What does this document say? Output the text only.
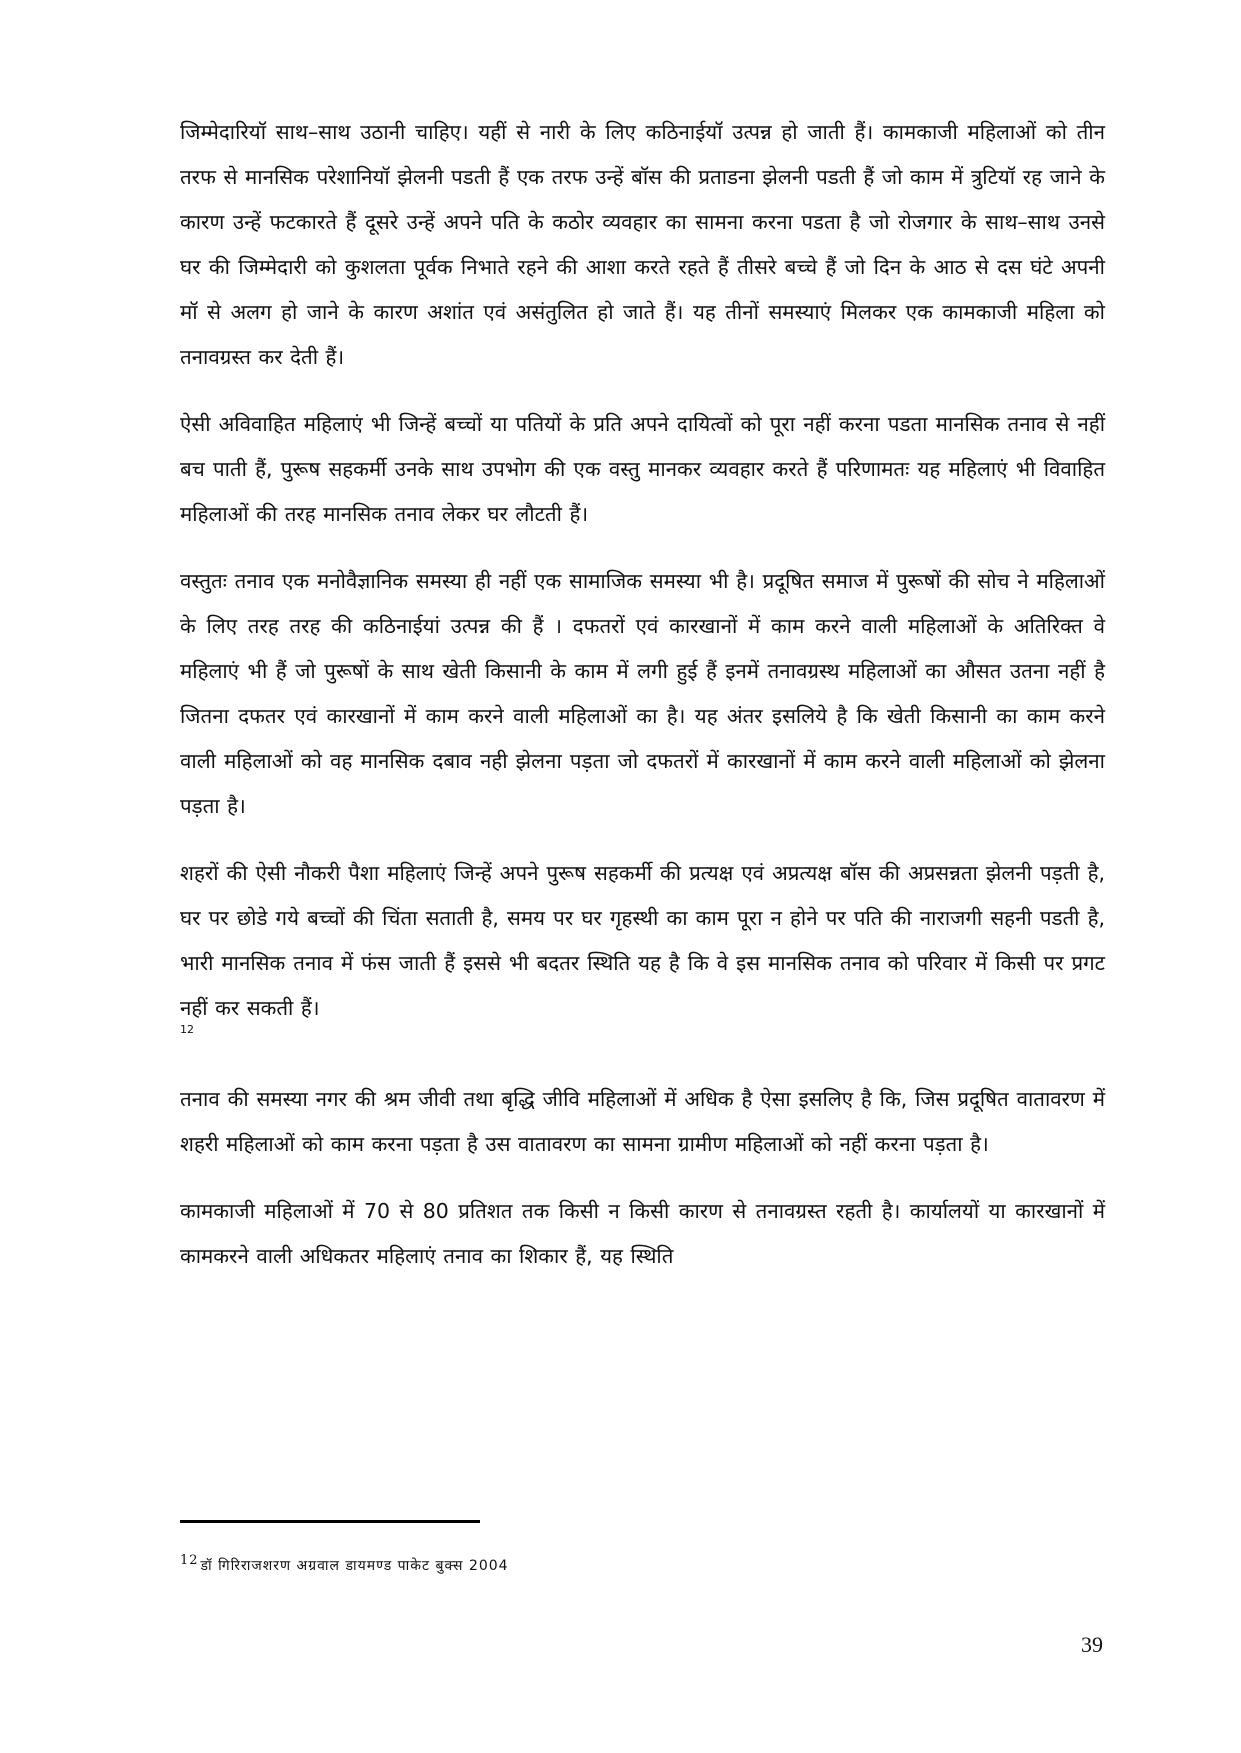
जिम्मेदारियॉ साथ–साथ उठानी चाहिए। यहीं से नारी के लिए कठिनाईयॉ उत्पन्न हो जाती हैं। कामकाजी महिलाओं को तीन तरफ से मानसिक परेशानियॉ झेलनी पडती हैं एक तरफ उन्हें बॉस की प्रताडना झेलनी पडती हैं जो काम में त्रुटियॉ रह जाने के कारण उन्हें फटकारते हैं दूसरे उन्हें अपने पति के कठोर व्यवहार का सामना करना पडता है जो रोजगार के साथ–साथ उनसे घर की जिम्मेदारी को कुशलता पूर्वक निभाते रहने की आशा करते रहते हैं तीसरे बच्चे हैं जो दिन के आठ से दस घंटे अपनी मॉ से अलग हो जाने के कारण अशांत एवं असंतुलित हो जाते हैं। यह तीनों समस्याएं मिलकर एक कामकाजी महिला को तनावग्रस्त कर देती हैं।

ऐसी अविवाहित महिलाएं भी जिन्हें बच्चों या पतियों के प्रति अपने दायित्वों को पूरा नहीं करना पडता मानसिक तनाव से नहीं बच पाती हैं, पुरूष सहकर्मी उनके साथ उपभोग की एक वस्तु मानकर व्यवहार करते हैं परिणामतः यह महिलाएं भी विवाहित महिलाओं की तरह मानसिक तनाव लेकर घर लौटती हैं।

वस्तुतः तनाव एक मनोवैज्ञानिक समस्या ही नहीं एक सामाजिक समस्या भी है। प्रदूषित समाज में पुरूषों की सोच ने महिलाओं के लिए तरह तरह की कठिनाईयां उत्पन्न की हैं । दफतरों एवं कारखानों में काम करने वाली महिलाओं के अतिरिक्त वे महिलाएं भी हैं जो पुरूषों के साथ खेती किसानी के काम में लगी हुई हैं इनमें तनावग्रस्थ महिलाओं का औसत उतना नहीं है जितना दफतर एवं कारखानों में काम करने वाली महिलाओं का है। यह अंतर इसलिये है कि खेती किसानी का काम करने वाली महिलाओं को वह मानसिक दबाव नही झेलना पड़ता जो दफतरों में कारखानों में काम करने वाली महिलाओं को झेलना पड़ता है।

शहरों की ऐसी नौकरी पैशा महिलाएं जिन्हें अपने पुरूष सहकर्मी की प्रत्यक्ष एवं अप्रत्यक्ष बॉस की अप्रसन्नता झेलनी पड़ती है, घर पर छोडे गये बच्चों की चिंता सताती है, समय पर घर गृहस्थी का काम पूरा न होने पर पति की नाराजगी सहनी पडती है, भारी मानसिक तनाव में फंस जाती हैं इससे भी बदतर स्थिति यह है कि वे इस मानसिक तनाव को परिवार में किसी पर प्रगट नहीं कर सकती हैं।

12

तनाव की समस्या नगर की श्रम जीवी तथा बृद्धि जीवि महिलाओं में अधिक है ऐसा इसलिए है कि, जिस प्रदूषित वातावरण में शहरी महिलाओं को काम करना पड़ता है उस वातावरण का सामना ग्रामीण महिलाओं को नहीं करना पड़ता है।

कामकाजी महिलाओं में 70 से 80 प्रतिशत तक किसी न किसी कारण से तनावग्रस्त रहती है। कार्यालयों या कारखानों में कामकरने वाली अधिकतर महिलाएं तनाव का शिकार हैं, यह स्थिति

$^{12}$ डॉ गिरिराजशरण अग्रवाल डायमण्ड पाकेट बुक्स 2004
39
